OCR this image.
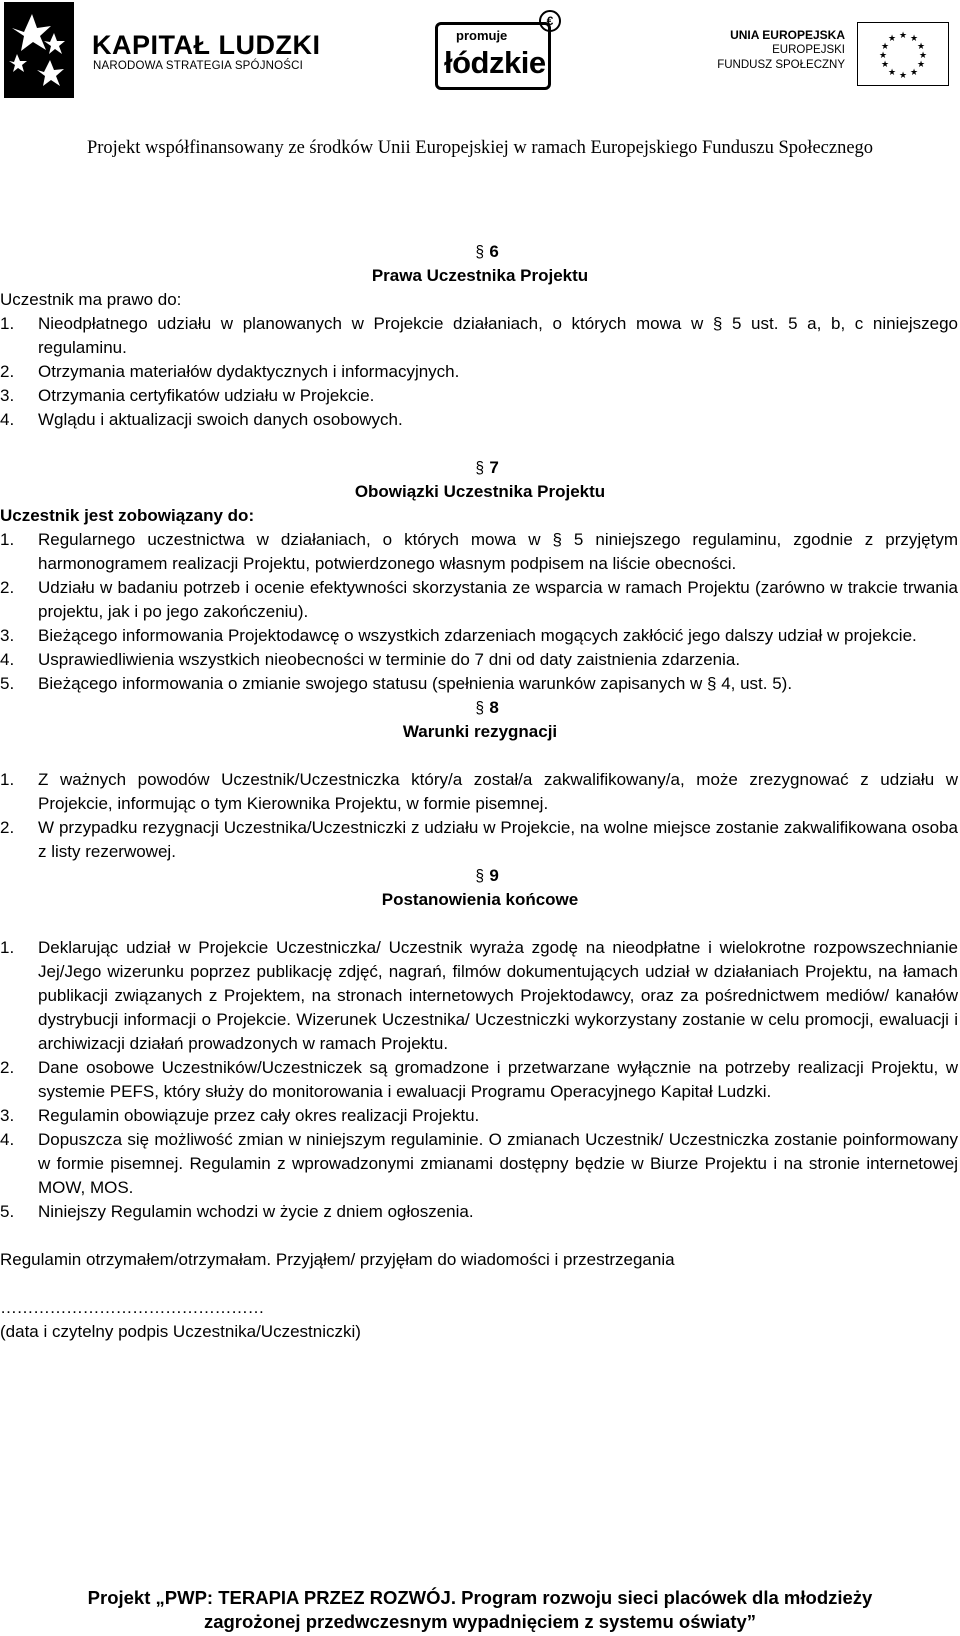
KAPITAŁ LUDZKI
NARODOWA STRATEGIA SPÓJNOŚCI
promuje
łódzkie
€
UNIA EUROPEJSKA
EUROPEJSKI
FUNDUSZ SPOŁECZNY
★ ★
★
★
★
★
★
★
★
★
★
★
Projekt współfinansowany ze środków Unii Europejskiej w ramach Europejskiego Funduszu Społecznego
§ 6
Prawa Uczestnika Projektu

Uczestnik ma prawo do:

1. Nieodpłatnego udziału w planowanych w Projekcie działaniach, o których mowa w § 5 ust. 5 a, b, c niniejszego regulaminu.
2. Otrzymania materiałów dydaktycznych i informacyjnych.
3. Otrzymania certyfikatów udziału w Projekcie.
4. Wglądu i aktualizacji swoich danych osobowych.
§ 7
Obowiązki Uczestnika Projektu

Uczestnik jest zobowiązany do:

1. Regularnego uczestnictwa w działaniach, o których mowa w § 5 niniejszego regulaminu, zgodnie z przyjętym harmonogramem realizacji Projektu, potwierdzonego własnym podpisem na liście obecności.
2. Udziału w badaniu potrzeb i ocenie efektywności skorzystania ze wsparcia w ramach Projektu (zarówno w trakcie trwania projektu, jak i po jego zakończeniu).
3. Bieżącego informowania Projektodawcę o wszystkich zdarzeniach mogących zakłócić jego dalszy udział w projekcie.
4. Usprawiedliwienia wszystkich nieobecności w terminie do 7 dni od daty zaistnienia zdarzenia.
5. Bieżącego informowania o zmianie swojego statusu (spełnienia warunków zapisanych w § 4, ust. 5).
§ 8
Warunki rezygnacji
1. Z ważnych powodów Uczestnik/Uczestniczka który/a został/a zakwalifikowany/a, może zrezygnować z udziału w Projekcie, informując o tym Kierownika Projektu, w formie pisemnej.
2. W przypadku rezygnacji Uczestnika/Uczestniczki z udziału w Projekcie, na wolne miejsce zostanie zakwalifikowana osoba z listy rezerwowej.
§ 9
Postanowienia końcowe
1. Deklarując udział w Projekcie Uczestniczka/ Uczestnik wyraża zgodę na nieodpłatne i wielokrotne rozpowszechnianie Jej/Jego wizerunku poprzez publikację zdjęć, nagrań, filmów dokumentujących udział w działaniach Projektu, na łamach publikacji związanych z Projektem, na stronach internetowych Projektodawcy, oraz za pośrednictwem mediów/ kanałów dystrybucji informacji o Projekcie. Wizerunek Uczestnika/ Uczestniczki wykorzystany zostanie w celu promocji, ewaluacji i archiwizacji działań prowadzonych w ramach Projektu.
2. Dane osobowe Uczestników/Uczestniczek są gromadzone i przetwarzane wyłącznie na potrzeby realizacji Projektu, w systemie PEFS, który służy do monitorowania i ewaluacji Programu Operacyjnego Kapitał Ludzki.
3. Regulamin obowiązuje przez cały okres realizacji Projektu.
4. Dopuszcza się możliwość zmian w niniejszym regulaminie. O zmianach Uczestnik/ Uczestniczka zostanie poinformowany w formie pisemnej. Regulamin z wprowadzonymi zmianami dostępny będzie w Biurze Projektu i na stronie internetowej MOW, MOS.
5. Niniejszy Regulamin wchodzi w życie z dniem ogłoszenia.

Regulamin otrzymałem/otrzymałam. Przyjąłem/ przyjęłam do wiadomości i przestrzegania

…………………………………………
(data i czytelny podpis Uczestnika/Uczestniczki)
Projekt „PWP: TERAPIA PRZEZ ROZWÓJ. Program rozwoju sieci placówek dla młodzieży
zagrożonej przedwczesnym wypadnięciem z systemu oświaty”
